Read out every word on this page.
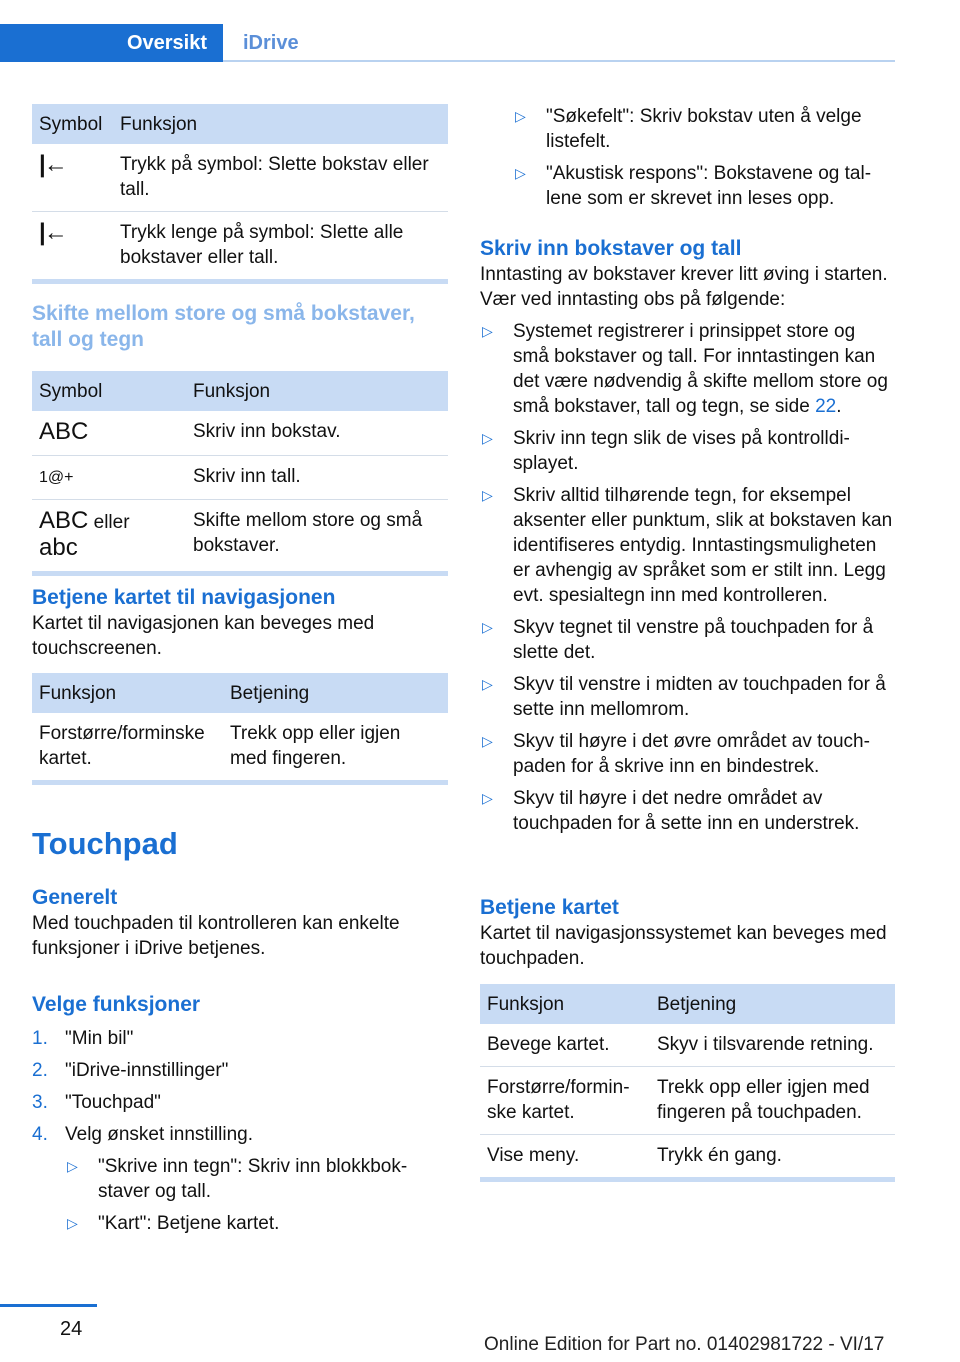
Oversikt	iDrive
Symbol	Funksjon
|←	Trykk på symbol: Slette bokstav eller tall.
|←	Trykk lenge på symbol: Slette alle bokstaver eller tall.
Skifte mellom store og små bokstaver, tall og tegn
Symbol	Funksjon
ABC	Skriv inn bokstav.
1@+	Skriv inn tall.
ABC eller
abc	Skifte mellom store og små bokstaver.
Betjene kartet til navigasjonen

Kartet til navigasjonen kan beveges med touchscreenen.

Funksjon	Betjening
Forstørre/forminske kartet.	Trekk opp eller igjen med fingeren.
Touchpad
Generelt

Med touchpaden til kontrolleren kan enkelte funksjoner i iDrive betjenes.

Velge funksjoner
1. "Min bil"
2. "iDrive-innstillinger"
3. "Touchpad"
4. Velg ønsket innstilling.
▷ "Skrive inn tegn": Skriv inn blokkbokstaver og tall.
▷ "Kart": Betjene kartet.
▷ "Søkefelt": Skriv bokstav uten å velge listefelt.
▷ "Akustisk respons": Bokstavene og tallene som er skrevet inn leses opp.
Skriv inn bokstaver og tall

Inntasting av bokstaver krever litt øving i starten. Vær ved inntasting obs på følgende:

▷ Systemet registrerer i prinsippet store og små bokstaver og tall. For inntastingen kan det være nødvendig å skifte mellom store og små bokstaver, tall og tegn, se side 22.
▷ Skriv inn tegn slik de vises på kontrolldisplayet.
▷ Skriv alltid tilhørende tegn, for eksempel aksenter eller punktum, slik at bokstaven kan identifiseres entydig. Inntastingsmuligheten er avhengig av språket som er stilt inn. Legg evt. spesialtegn inn med kontrolleren.
▷ Skyv tegnet til venstre på touchpaden for å slette det.
▷ Skyv til venstre i midten av touchpaden for å sette inn mellomrom.
▷ Skyv til høyre i det øvre området av touchpaden for å skrive inn en bindestrek.
▷ Skyv til høyre i det nedre området av touchpaden for å sette inn en understrek.
Betjene kartet

Kartet til navigasjonssystemet kan beveges med touchpaden.

Funksjon	Betjening
Bevege kartet.	Skyv i tilsvarende retning.
Forstørre/forminske kartet.	Trekk opp eller igjen med fingeren på touchpaden.
Vise meny.	Trykk én gang.
24
Online Edition for Part no. 01402981722 - VI/17
